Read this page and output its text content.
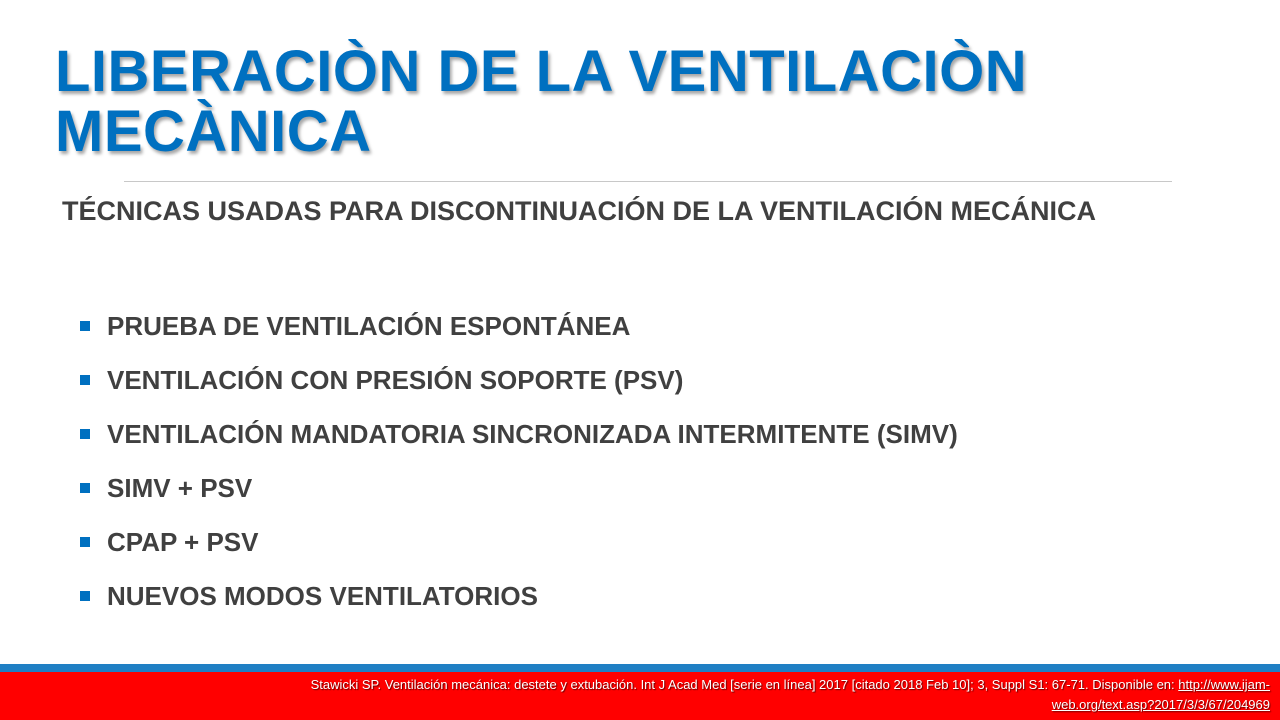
LIBERACIÒN DE LA VENTILACIÒN
MECÀNICA
TÉCNICAS USADAS PARA DISCONTINUACIÓN DE LA VENTILACIÓN MECÁNICA
PRUEBA DE VENTILACIÓN ESPONTÁNEA
VENTILACIÓN CON PRESIÓN SOPORTE (PSV)
VENTILACIÓN MANDATORIA SINCRONIZADA INTERMITENTE (SIMV)
SIMV + PSV
CPAP + PSV
NUEVOS MODOS VENTILATORIOS
Stawicki SP. Ventilación mecánica: destete y extubación. Int J Acad Med [serie en línea] 2017 [citado 2018 Feb 10]; 3, Suppl S1: 67-71. Disponible en: http://www.ijam-web.org/text.asp?2017/3/3/67/204969
